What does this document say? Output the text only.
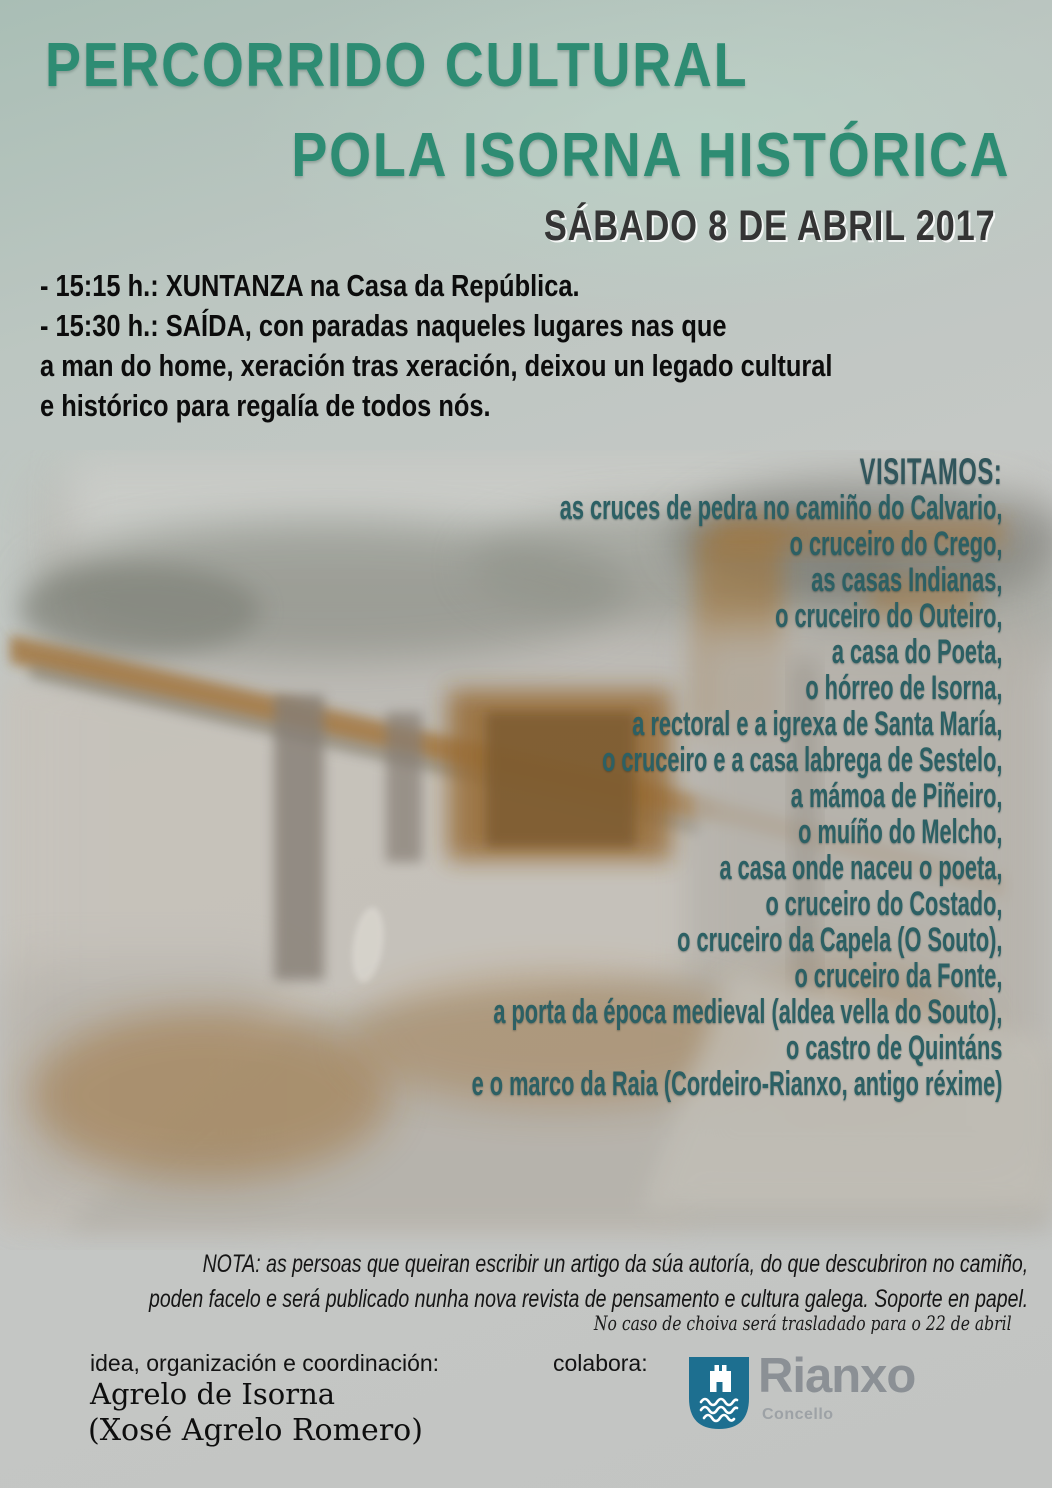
PERCORRIDO CULTURAL
POLA ISORNA HISTÓRICA
SÁBADO 8 DE ABRIL 2017
- 15:15 h.: XUNTANZA na Casa da República.
- 15:30 h.: SAÍDA, con paradas naqueles lugares nas que
a man do home, xeración tras xeración, deixou un legado cultural
e histórico para regalía de todos nós.
VISITAMOS:
as cruces de pedra no camiño do Calvario,
o cruceiro do Crego,
as casas Indianas,
o cruceiro do Outeiro,
a casa do Poeta,
o hórreo de Isorna,
a rectoral e a igrexa de Santa María,
o cruceiro e a casa labrega de Sestelo,
a mámoa de Piñeiro,
o muíño do Melcho,
a casa onde naceu o poeta,
o cruceiro do Costado,
o cruceiro da Capela (O Souto),
o cruceiro da Fonte,
a porta da época medieval (aldea vella do Souto),
o castro de Quintáns
e o marco da Raia (Cordeiro-Rianxo, antigo réxime)
NOTA: as persoas que queiran escribir un artigo da súa autoría, do que descubriron no camiño,
poden facelo e será publicado nunha nova revista de pensamento e cultura galega. Soporte en papel.
No caso de choiva será trasladado para o 22 de abril
idea, organización e coordinación:	colabora:
Agrelo de Isorna
(Xosé Agrelo Romero)
Rianxo
Concello
